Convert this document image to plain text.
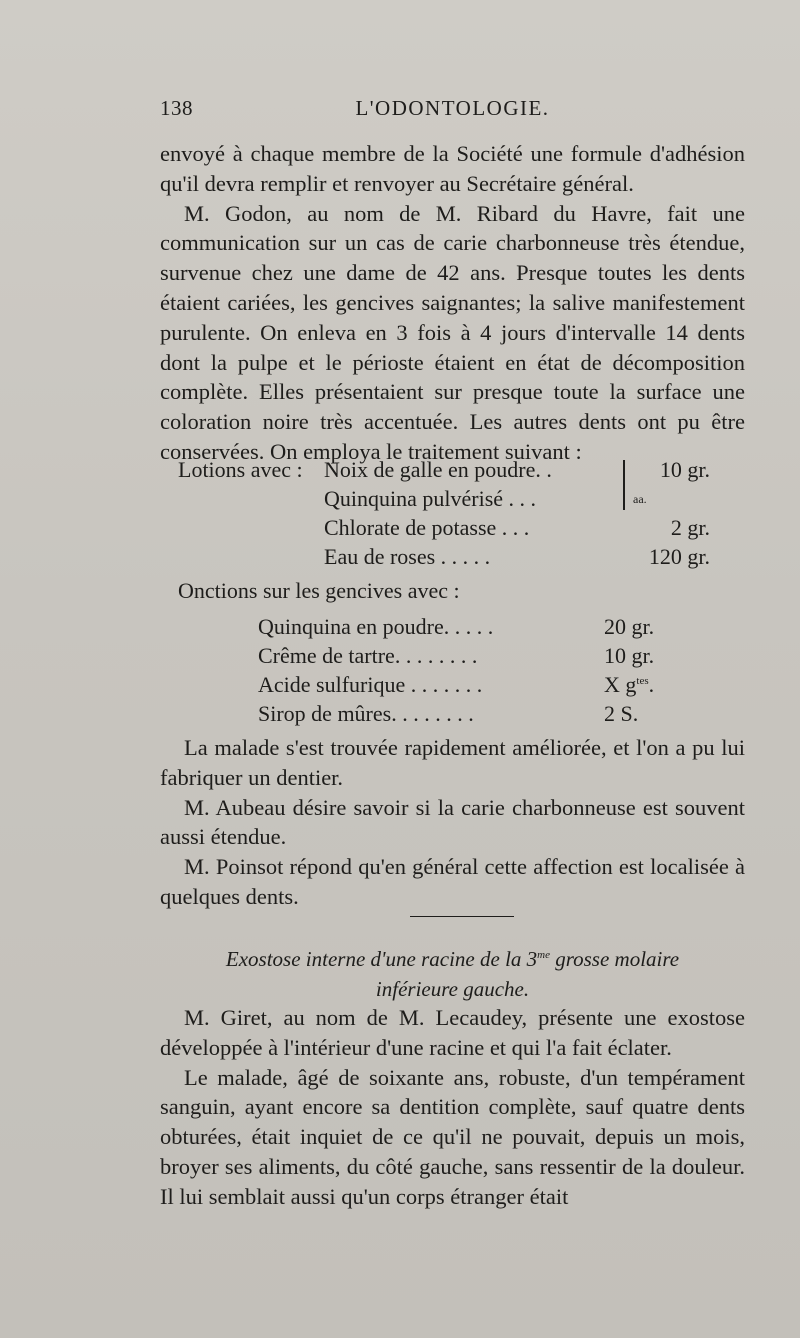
138	L'ODONTOLOGIE.
envoyé à chaque membre de la Société une formule d'adhésion qu'il devra remplir et renvoyer au Secrétaire général.
M. Godon, au nom de M. Ribard du Havre, fait une communication sur un cas de carie charbonneuse très étendue, survenue chez une dame de 42 ans. Presque toutes les dents étaient cariées, les gencives saignantes; la salive manifestement purulente. On enleva en 3 fois à 4 jours d'intervalle 14 dents dont la pulpe et le périoste étaient en état de décomposition complète. Elles présentaient sur presque toute la surface une coloration noire très accentuée. Les autres dents ont pu être conservées. On employa le traitement suivant :
Lotions avec : Noix de galle en poudre. .	10 gr.
Quinquina pulvérisé . . .
Chlorate de potasse . . .	2 gr.
Eau de roses . . . . .	120 gr.
aa.
Onctions sur les gencives avec :
Quinquina en poudre. . . . .	20 gr.
Crême de tartre. . . . . . . .	10 gr.
Acide sulfurique . . . . . . .	X $g^{tes}$.
Sirop de mûres. . . . . . . .	2 S.
La malade s'est trouvée rapidement améliorée, et l'on a pu lui fabriquer un dentier.
M. Aubeau désire savoir si la carie charbonneuse est souvent aussi étendue.
M. Poinsot répond qu'en général cette affection est localisée à quelques dents.
Exostose interne d'une racine de la $3^{me}$ grosse molaire
inférieure gauche.
M. Giret, au nom de M. Lecaudey, présente une exostose développée à l'intérieur d'une racine et qui l'a fait éclater.
Le malade, âgé de soixante ans, robuste, d'un tempérament sanguin, ayant encore sa dentition complète, sauf quatre dents obturées, était inquiet de ce qu'il ne pouvait, depuis un mois, broyer ses aliments, du côté gauche, sans ressentir de la douleur. Il lui semblait aussi qu'un corps étranger était
